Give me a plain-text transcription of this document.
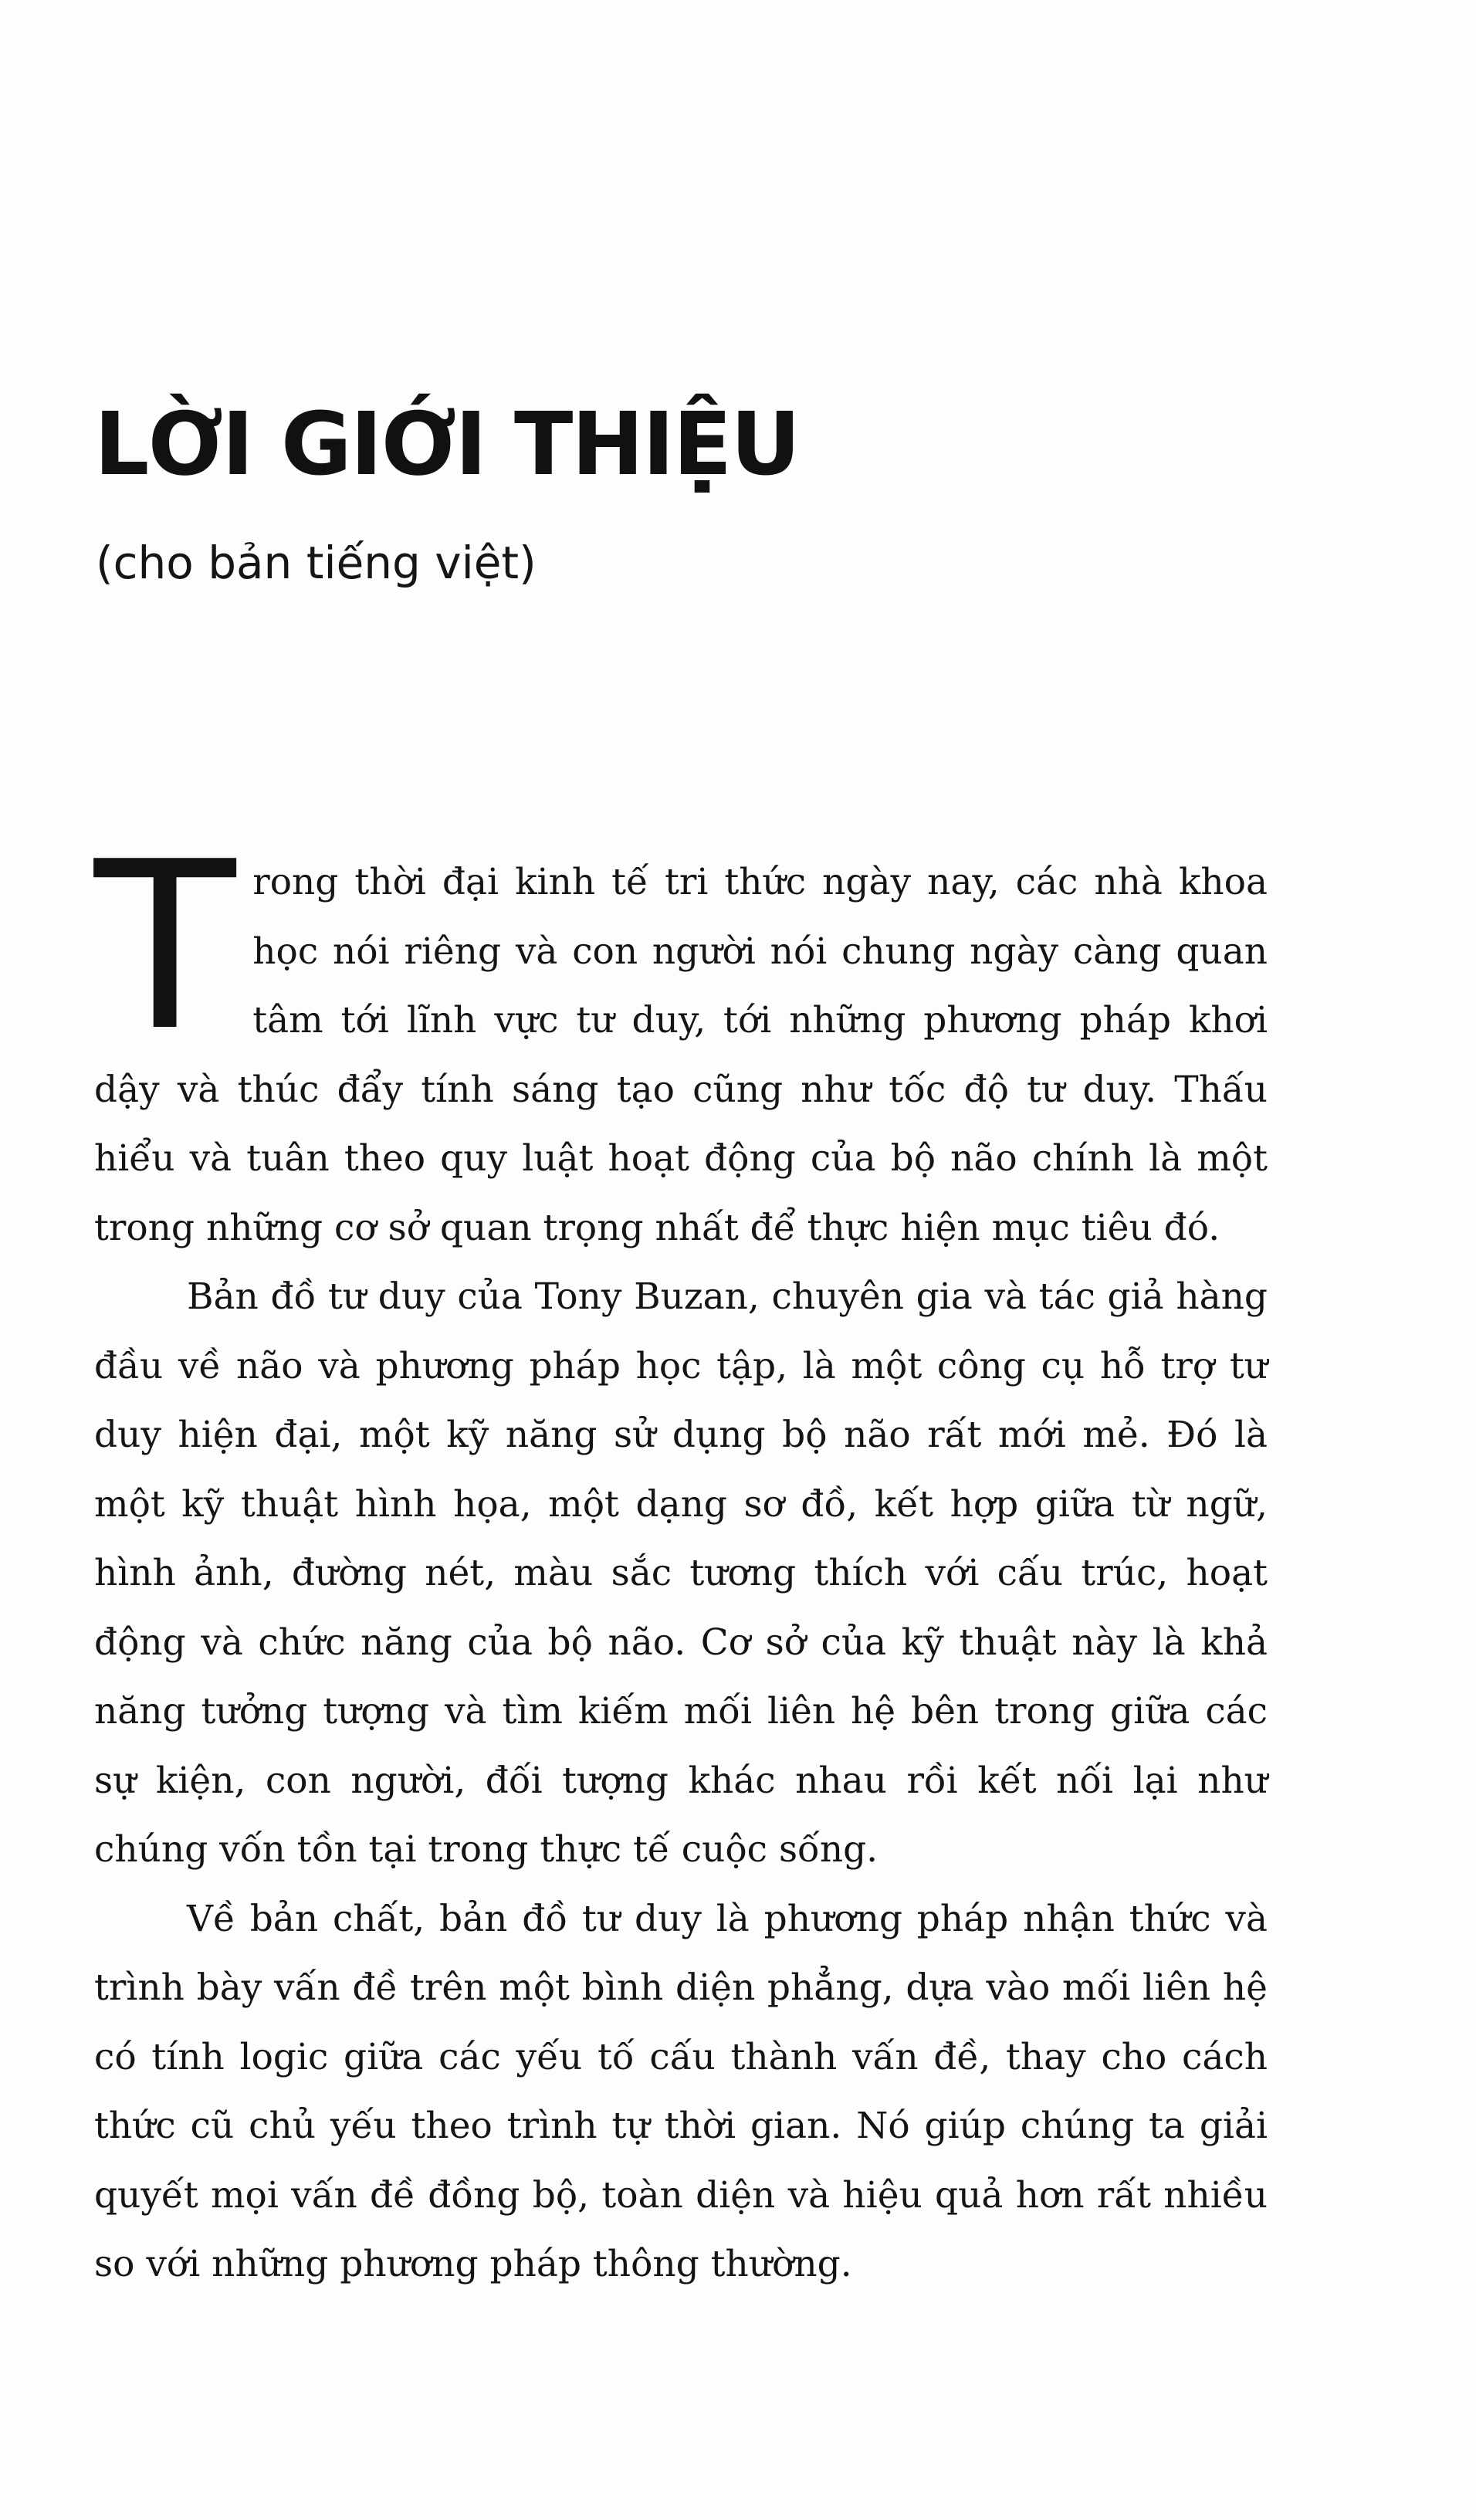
LỜI GIỚI THIỆU

(cho bản tiếng việt)

T rong thời đại kinh tế tri thức ngày nay, các nhà khoa học nói riêng và con người nói chung ngày càng quan tâm tới lĩnh vực tư duy, tới những phương pháp khơi dậy và thúc đẩy tính sáng tạo cũng như tốc độ tư duy. Thấu hiểu và tuân theo quy luật hoạt động của bộ não chính là một trong những cơ sở quan trọng nhất để thực hiện mục tiêu đó.

Bản đồ tư duy của Tony Buzan, chuyên gia và tác giả hàng đầu về não và phương pháp học tập, là một công cụ hỗ trợ tư duy hiện đại, một kỹ năng sử dụng bộ não rất mới mẻ. Đó là một kỹ thuật hình họa, một dạng sơ đồ, kết hợp giữa từ ngữ, hình ảnh, đường nét, màu sắc tương thích với cấu trúc, hoạt động và chức năng của bộ não. Cơ sở của kỹ thuật này là khả năng tưởng tượng và tìm kiếm mối liên hệ bên trong giữa các sự kiện, con người, đối tượng khác nhau rồi kết nối lại như chúng vốn tồn tại trong thực tế cuộc sống.

Về bản chất, bản đồ tư duy là phương pháp nhận thức và trình bày vấn đề trên một bình diện phẳng, dựa vào mối liên hệ có tính logic giữa các yếu tố cấu thành vấn đề, thay cho cách thức cũ chủ yếu theo trình tự thời gian. Nó giúp chúng ta giải quyết mọi vấn đề đồng bộ, toàn diện và hiệu quả hơn rất nhiều so với những phương pháp thông thường.
